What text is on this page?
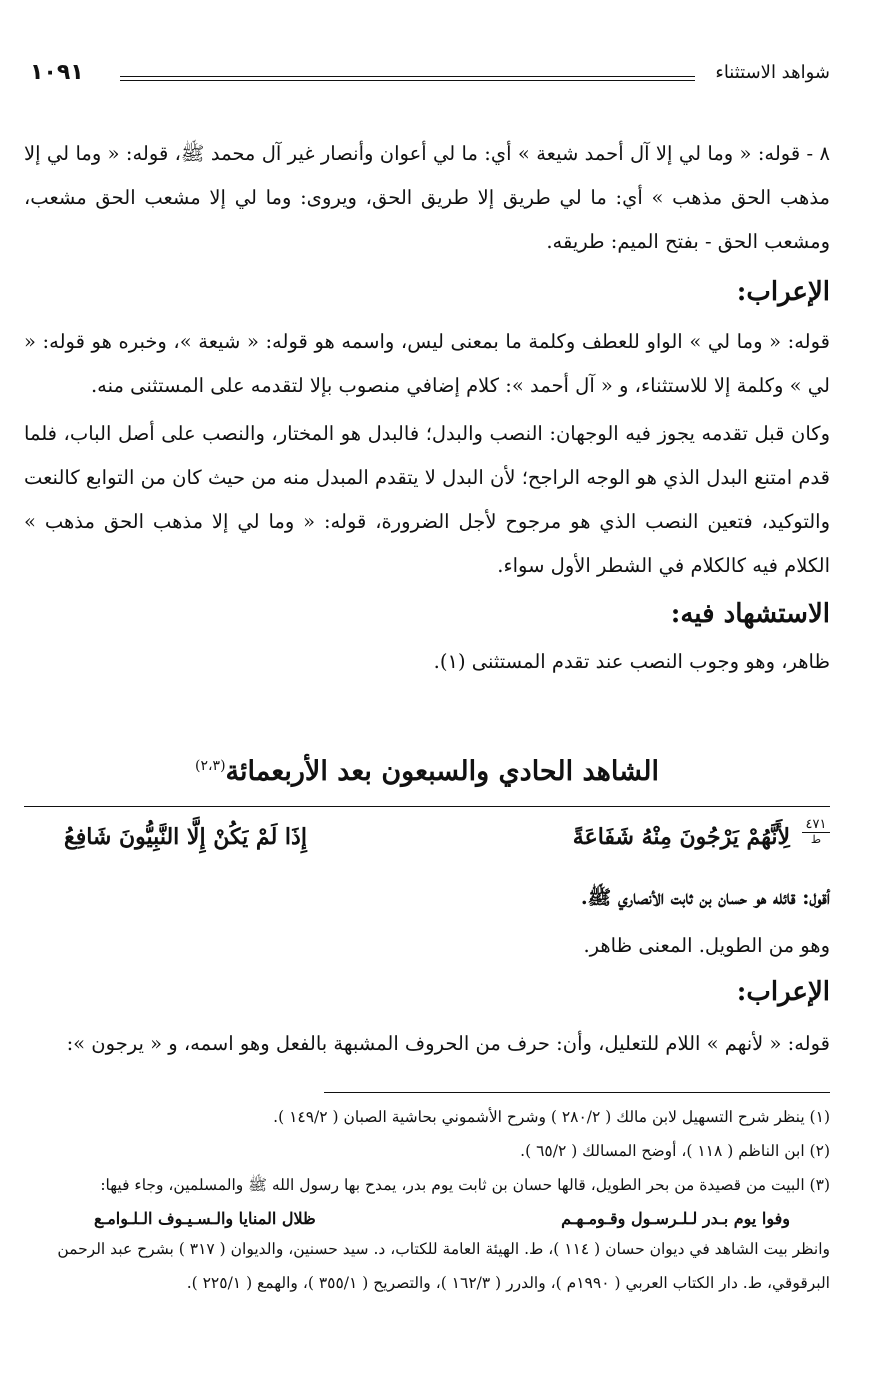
شواهد الاستثناء
١٠٩١

٨ - قوله: « وما لي إلا آل أحمد شيعة » أي: ما لي أعوان وأنصار غير آل محمد ﷺ، قوله: « وما لي إلا مذهب الحق مذهب » أي: ما لي طريق إلا طريق الحق، ويروى: وما لي إلا مشعب الحق مشعب، ومشعب الحق - بفتح الميم: طريقه.

الإعراب:

قوله: « وما لي » الواو للعطف وكلمة ما بمعنى ليس، واسمه هو قوله: « شيعة »، وخبره هو قوله: « لي » وكلمة إلا للاستثناء، و « آل أحمد »: كلام إضافي منصوب بإلا لتقدمه على المستثنى منه.

وكان قبل تقدمه يجوز فيه الوجهان: النصب والبدل؛ فالبدل هو المختار، والنصب على أصل الباب، فلما قدم امتنع البدل الذي هو الوجه الراجح؛ لأن البدل لا يتقدم المبدل منه من حيث كان من التوابع كالنعت والتوكيد، فتعين النصب الذي هو مرجوح لأجل الضرورة، قوله: « وما لي إلا مذهب الحق مذهب » الكلام فيه كالكلام في الشطر الأول سواء.

الاستشهاد فيه:

ظاهر، وهو وجوب النصب عند تقدم المستثنى (١).

الشاهد الحادي والسبعون بعد الأربعمائة$^{(٢،٣)}$
٤٧١
ط
لِأَنَّهُمْ يَرْجُونَ مِنْهُ شَفَاعَةً
إِذَا لَمْ يَكُنْ إِلَّا النَّبِيُّونَ شَافِعُ

أقول: قائله هو حسان بن ثابت الأنصاري ﷺ.

وهو من الطويل. المعنى ظاهر.

الإعراب:

قوله: « لأنهم » اللام للتعليل، وأن: حرف من الحروف المشبهة بالفعل وهو اسمه، و « يرجون »:

(١) ينظر شرح التسهيل لابن مالك ( ٢٨٠/٢ ) وشرح الأشموني بحاشية الصبان ( ١٤٩/٢ ).

(٢) ابن الناظم ( ١١٨ )، أوضح المسالك ( ٦٥/٢ ).

(٣) البيت من قصيدة من بحر الطويل، قالها حسان بن ثابت يوم بدر، يمدح بها رسول الله ﷺ والمسلمين، وجاء فيها:

وفوا يوم بـدر لـلـرسـول وقـومـهـم
ظلال المنايا والـسـيـوف الـلـوامـع

وانظر بيت الشاهد في ديوان حسان ( ١١٤ )، ط. الهيئة العامة للكتاب، د. سيد حسنين، والديوان ( ٣١٧ ) بشرح عبد الرحمن البرقوقي، ط. دار الكتاب العربي ( ١٩٩٠م )، والدرر ( ١٦٢/٣ )، والتصريح ( ٣٥٥/١ )، والهمع ( ٢٢٥/١ ).
